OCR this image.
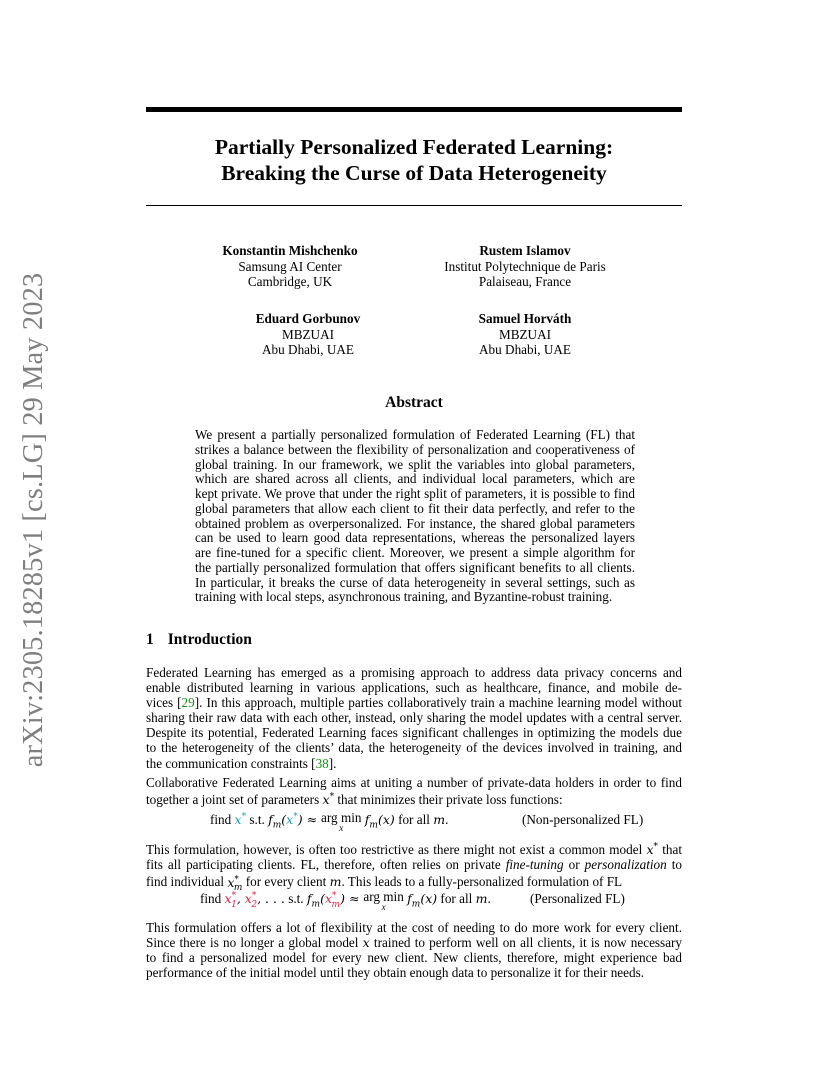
arXiv:2305.18285v1 [cs.LG] 29 May 2023
Partially Personalized Federated Learning:
Breaking the Curse of Data Heterogeneity
Konstantin Mishchenko
Samsung AI Center
Cambridge, UK
Rustem Islamov
Institut Polytechnique de Paris
Palaiseau, France
Eduard Gorbunov
MBZUAI
Abu Dhabi, UAE
Samuel Horváth
MBZUAI
Abu Dhabi, UAE
Abstract
We present a partially personalized formulation of Federated Learning (FL) that
strikes a balance between the flexibility of personalization and cooperativeness of
global training. In our framework, we split the variables into global parameters,
which are shared across all clients, and individual local parameters, which are
kept private. We prove that under the right split of parameters, it is possible to find
global parameters that allow each client to fit their data perfectly, and refer to the
obtained problem as overpersonalized. For instance, the shared global parameters
can be used to learn good data representations, whereas the personalized layers
are fine-tuned for a specific client. Moreover, we present a simple algorithm for
the partially personalized formulation that offers significant benefits to all clients.
In particular, it breaks the curse of data heterogeneity in several settings, such as
training with local steps, asynchronous training, and Byzantine-robust training.
1 Introduction
Federated Learning has emerged as a promising approach to address data privacy concerns and
enable distributed learning in various applications, such as healthcare, finance, and mobile de-
vices [29]. In this approach, multiple parties collaboratively train a machine learning model without
sharing their raw data with each other, instead, only sharing the model updates with a central server.
Despite its potential, Federated Learning faces significant challenges in optimizing the models due
to the heterogeneity of the clients’ data, the heterogeneity of the devices involved in training, and
the communication constraints [38].
Collaborative Federated Learning aims at uniting a number of private-data holders in order to find
together a joint set of parameters x* that minimizes their private loss functions:
find x* s.t. $f_m(x^*)$ ≈ arg min
x
$f_m(x)$ for all m.	(Non-personalized FL)
This formulation, however, is often too restrictive as there might not exist a common model x* that
fits all participating clients. FL, therefore, often relies on private fine-tuning or personalization to
find individual $x^*_m$ for every client m. This leads to a fully-personalized formulation of FL
find $x^*_1$, $x^*_2$, . . . s.t. $f_m(x^*_m)$ ≈ arg min
x
$f_m(x)$ for all m.	(Personalized FL)
This formulation offers a lot of flexibility at the cost of needing to do more work for every client.
Since there is no longer a global model x trained to perform well on all clients, it is now necessary
to find a personalized model for every new client. New clients, therefore, might experience bad
performance of the initial model until they obtain enough data to personalize it for their needs.
